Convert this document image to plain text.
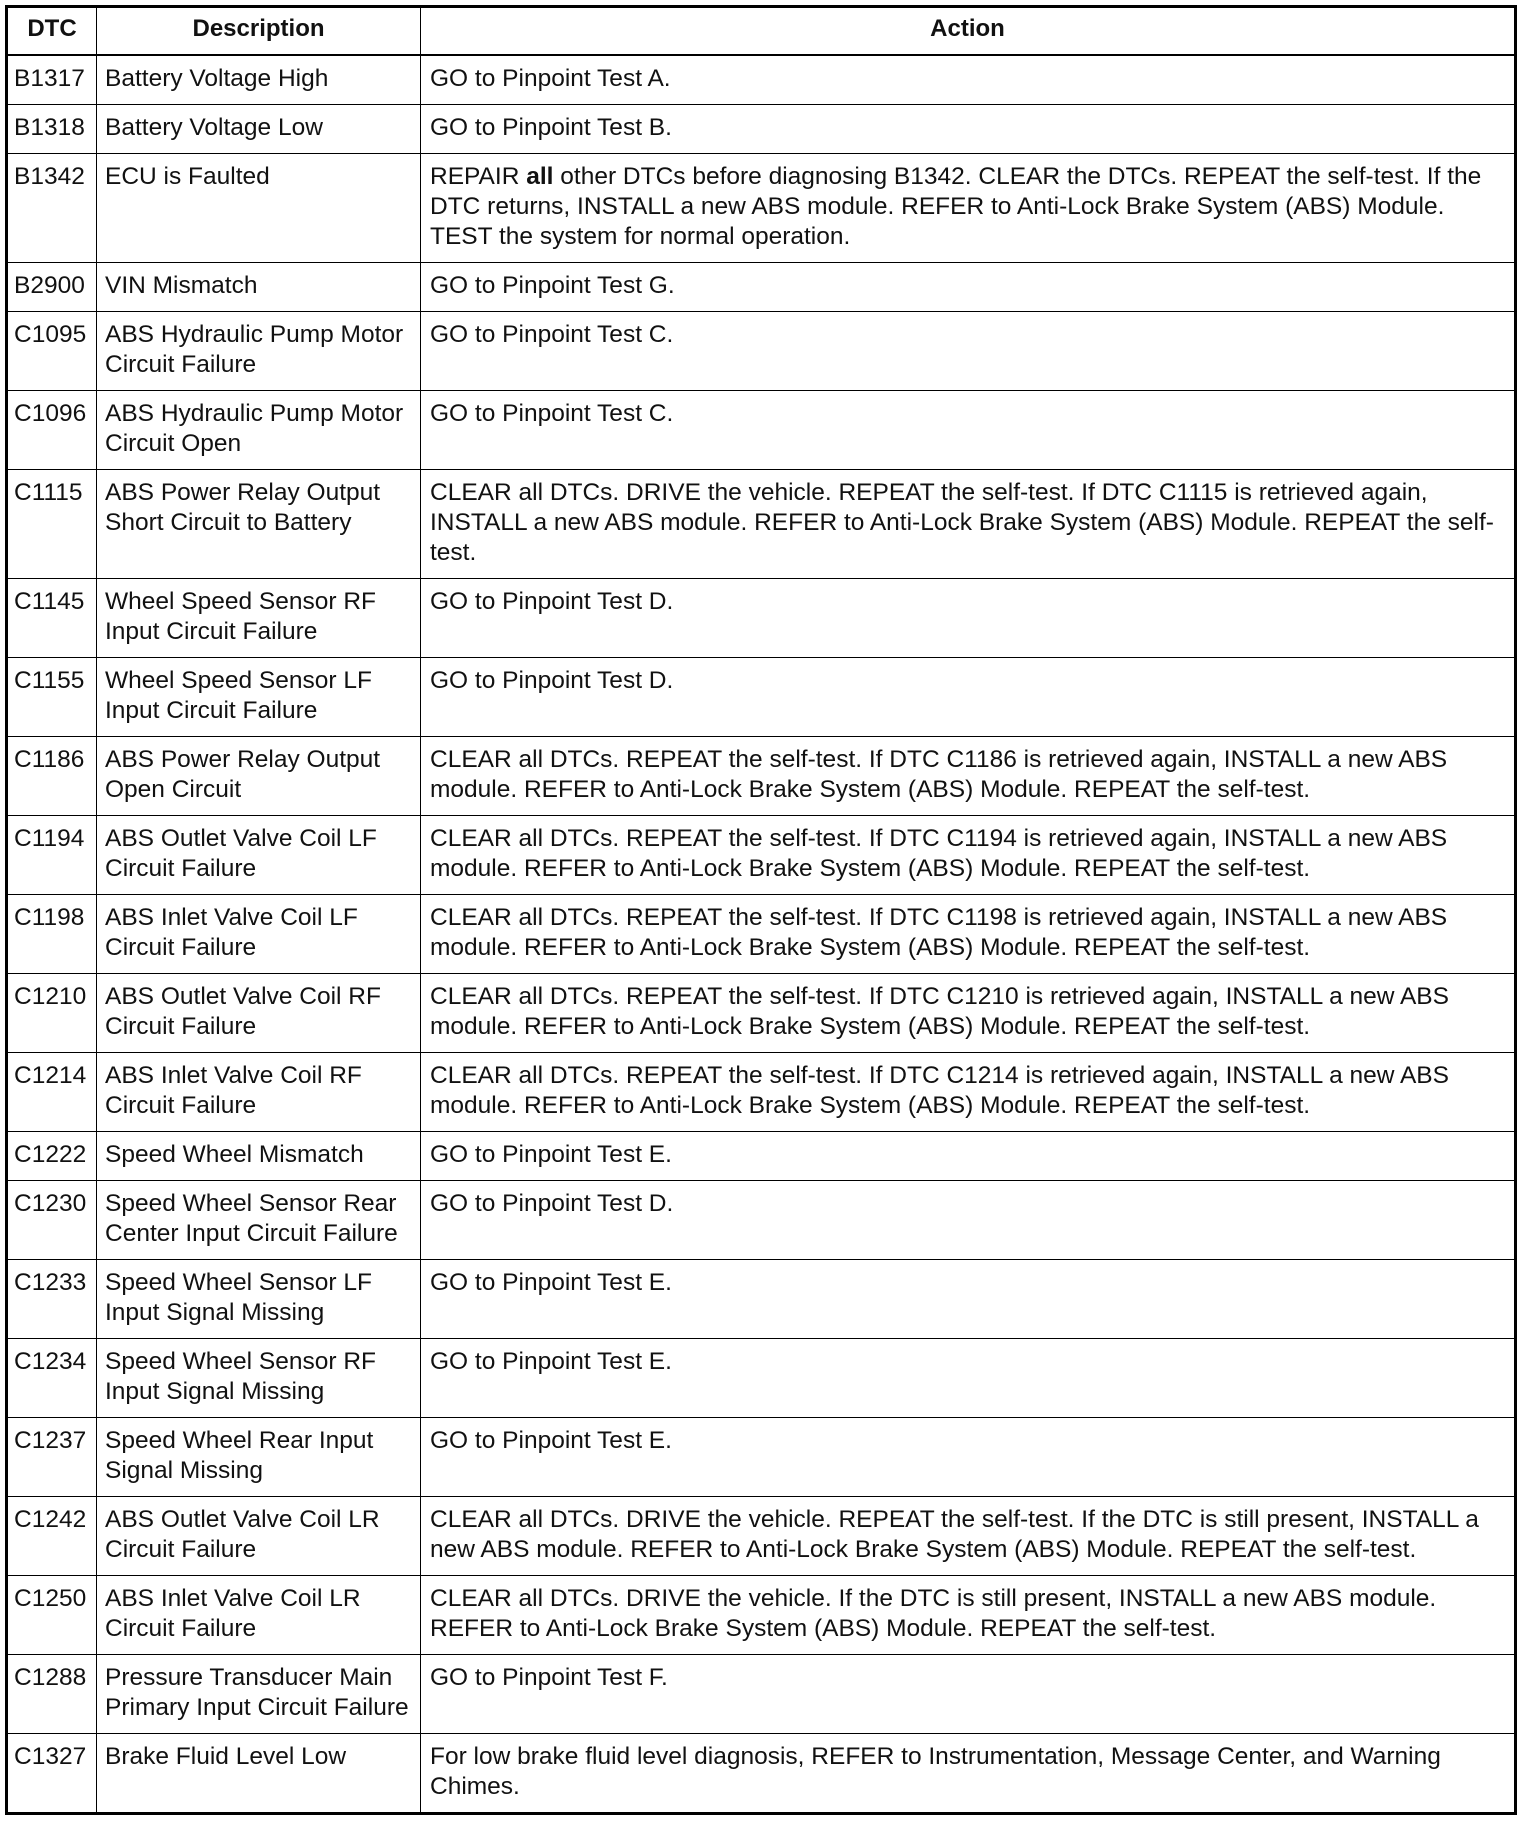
DTC	Description	Action
B1317	Battery Voltage High	GO to Pinpoint Test A.
B1318	Battery Voltage Low	GO to Pinpoint Test B.
B1342	ECU is Faulted	REPAIR all other DTCs before diagnosing B1342. CLEAR the DTCs. REPEAT the self-test. If the DTC returns, INSTALL a new ABS module. REFER to Anti-Lock Brake System (ABS) Module. TEST the system for normal operation.
B2900	VIN Mismatch	GO to Pinpoint Test G.
C1095	ABS Hydraulic Pump Motor Circuit Failure	GO to Pinpoint Test C.
C1096	ABS Hydraulic Pump Motor Circuit Open	GO to Pinpoint Test C.
C1115	ABS Power Relay Output Short Circuit to Battery	CLEAR all DTCs. DRIVE the vehicle. REPEAT the self-test. If DTC C1115 is retrieved again, INSTALL a new ABS module. REFER to Anti-Lock Brake System (ABS) Module. REPEAT the self-test.
C1145	Wheel Speed Sensor RF Input Circuit Failure	GO to Pinpoint Test D.
C1155	Wheel Speed Sensor LF Input Circuit Failure	GO to Pinpoint Test D.
C1186	ABS Power Relay Output Open Circuit	CLEAR all DTCs. REPEAT the self-test. If DTC C1186 is retrieved again, INSTALL a new ABS module. REFER to Anti-Lock Brake System (ABS) Module. REPEAT the self-test.
C1194	ABS Outlet Valve Coil LF Circuit Failure	CLEAR all DTCs. REPEAT the self-test. If DTC C1194 is retrieved again, INSTALL a new ABS module. REFER to Anti-Lock Brake System (ABS) Module. REPEAT the self-test.
C1198	ABS Inlet Valve Coil LF Circuit Failure	CLEAR all DTCs. REPEAT the self-test. If DTC C1198 is retrieved again, INSTALL a new ABS module. REFER to Anti-Lock Brake System (ABS) Module. REPEAT the self-test.
C1210	ABS Outlet Valve Coil RF Circuit Failure	CLEAR all DTCs. REPEAT the self-test. If DTC C1210 is retrieved again, INSTALL a new ABS module. REFER to Anti-Lock Brake System (ABS) Module. REPEAT the self-test.
C1214	ABS Inlet Valve Coil RF Circuit Failure	CLEAR all DTCs. REPEAT the self-test. If DTC C1214 is retrieved again, INSTALL a new ABS module. REFER to Anti-Lock Brake System (ABS) Module. REPEAT the self-test.
C1222	Speed Wheel Mismatch	GO to Pinpoint Test E.
C1230	Speed Wheel Sensor Rear Center Input Circuit Failure	GO to Pinpoint Test D.
C1233	Speed Wheel Sensor LF Input Signal Missing	GO to Pinpoint Test E.
C1234	Speed Wheel Sensor RF Input Signal Missing	GO to Pinpoint Test E.
C1237	Speed Wheel Rear Input Signal Missing	GO to Pinpoint Test E.
C1242	ABS Outlet Valve Coil LR Circuit Failure	CLEAR all DTCs. DRIVE the vehicle. REPEAT the self-test. If the DTC is still present, INSTALL a new ABS module. REFER to Anti-Lock Brake System (ABS) Module. REPEAT the self-test.
C1250	ABS Inlet Valve Coil LR Circuit Failure	CLEAR all DTCs. DRIVE the vehicle. If the DTC is still present, INSTALL a new ABS module. REFER to Anti-Lock Brake System (ABS) Module. REPEAT the self-test.
C1288	Pressure Transducer Main Primary Input Circuit Failure	GO to Pinpoint Test F.
C1327	Brake Fluid Level Low	For low brake fluid level diagnosis, REFER to Instrumentation, Message Center, and Warning Chimes.
